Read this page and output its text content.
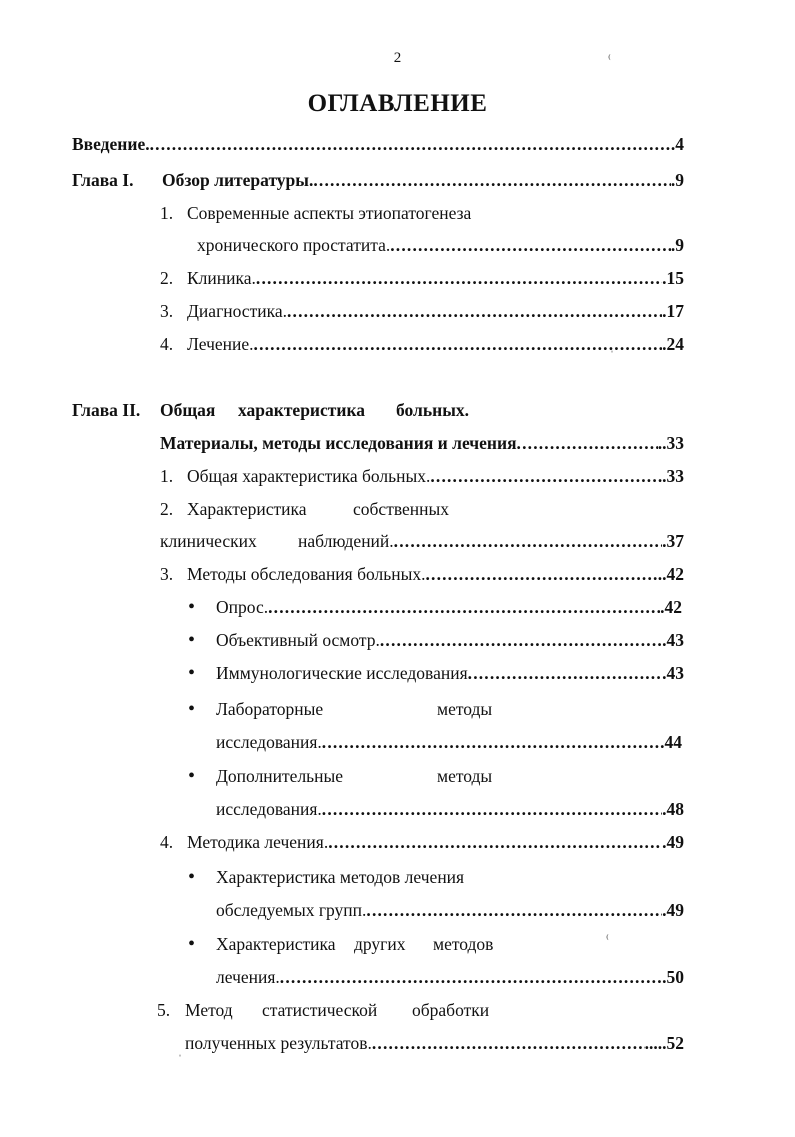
2
ОГЛАВЛЕНИЕ
Введение. . . .	.4
Глава I. Обзор литературы. . . .	.9
1. Современные аспекты этиопатогенеза
хронического простатита. . . .	.9
2. Клиника. . . .	.15
3. Диагностика. . . .	.17
4. Лечение. . . .	.24
Глава II. Общая характеристика больных.
Материалы, методы исследования и лечения . . .	..33
1. Общая характеристика больных. . . .	.33
2. Характеристика	собственных
клинических наблюдений. . . .	.37
3. Методы обследования больных. . . .	..42
• Опрос. . . .	.42
• Объективный осмотр. . . .	.43
• Иммунологические исследования . . .	.43
• Лабораторные	методы
исследования. . . .	.44
• Дополнительные	методы
исследования. . . .	.48
4. Методика лечения. . . .	.49
• Характеристика методов лечения
обследуемых групп. . . .	.49
• Характеристика других методов
лечения. . . .	.50
5. Метод статистической обработки
полученных результатов. . . .	.....52
⁽
ˈ
⁽
ˈ
